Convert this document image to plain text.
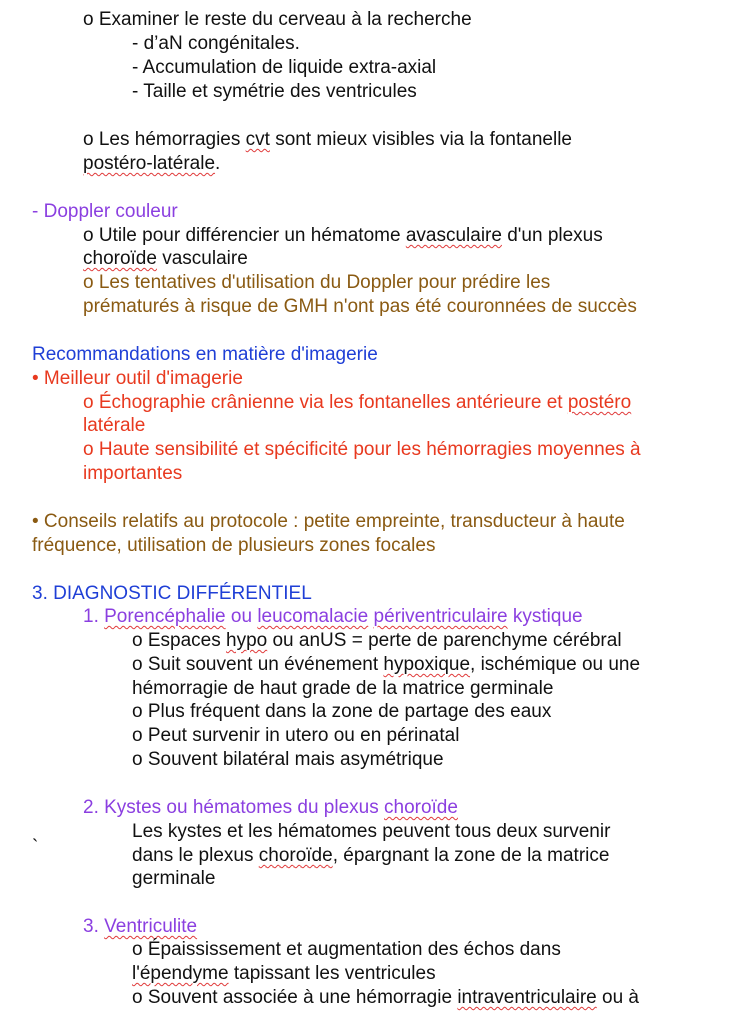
o Examiner le reste du cerveau à la recherche
- d’aN congénitales.
- Accumulation de liquide extra-axial
- Taille et symétrie des ventricules
o Les hémorragies cvt sont mieux visibles via la fontanelle
postéro-latérale.
- Doppler couleur
o Utile pour différencier un hématome avasculaire d'un plexus
choroïde vasculaire
o Les tentatives d'utilisation du Doppler pour prédire les
prématurés à risque de GMH n'ont pas été couronnées de succès
Recommandations en matière d'imagerie
• Meilleur outil d'imagerie
o Échographie crânienne via les fontanelles antérieure et postéro
latérale
o Haute sensibilité et spécificité pour les hémorragies moyennes à
importantes
• Conseils relatifs au protocole : petite empreinte, transducteur à haute
fréquence, utilisation de plusieurs zones focales
3. DIAGNOSTIC DIFFÉRENTIEL
1. Porencéphalie ou leucomalacie périventriculaire kystique
o Espaces hypo ou anUS = perte de parenchyme cérébral
o Suit souvent un événement hypoxique, ischémique ou une
hémorragie de haut grade de la matrice germinale
o Plus fréquent dans la zone de partage des eaux
o Peut survenir in utero ou en périnatal
o Souvent bilatéral mais asymétrique
2. Kystes ou hématomes du plexus choroïde
`
Les kystes et les hématomes peuvent tous deux survenir
dans le plexus choroïde, épargnant la zone de la matrice
germinale
3. Ventriculite
o Épaississement et augmentation des échos dans
l'épendyme tapissant les ventricules
o Souvent associée à une hémorragie intraventriculaire ou à
